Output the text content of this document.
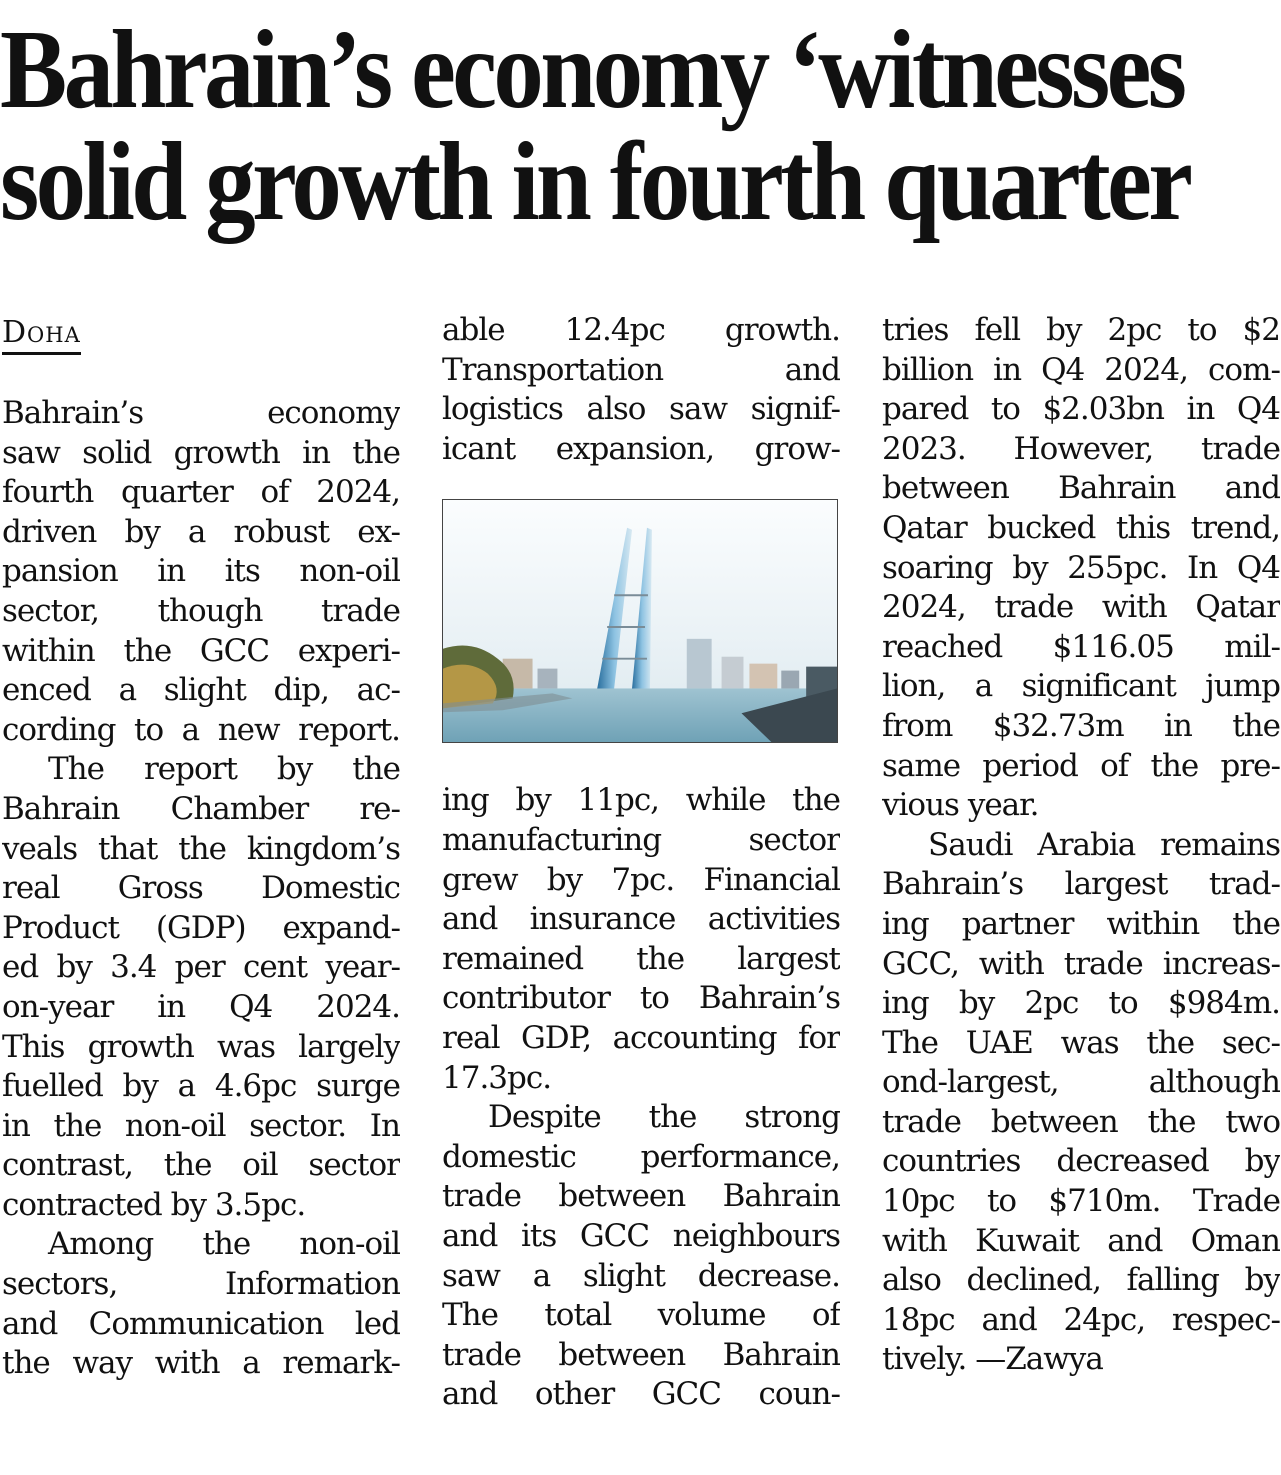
Bahrain’s economy ‘witnesses
solid growth in fourth quarter
Doha
Bahrain’s	economy
saw solid growth in the
fourth quarter of 2024,
driven by a robust ex-
pansion in its non-oil
sector, though trade
within the GCC experi-
enced a slight dip, ac-
cording to a new report.
The report by the
Bahrain Chamber re-
veals that the kingdom’s
real Gross Domestic
Product (GDP) expand-
ed by 3.4 per cent year-
on-year in Q4 2024.
This growth was largely
fuelled by a 4.6pc surge
in the non-oil sector. In
contrast, the oil sector
contracted by 3.5pc.
Among the non-oil
sectors,	Information
and Communication led
the way with a remark-
able 12.4pc growth.
Transportation	and
logistics also saw signif-
icant expansion, grow-
ing by 11pc, while the
manufacturing	sector
grew by 7pc. Financial
and insurance activities
remained the largest
contributor to Bahrain’s
real GDP, accounting for
17.3pc.
Despite the strong
domestic performance,
trade between Bahrain
and its GCC neighbours
saw a slight decrease.
The total volume of
trade between Bahrain
and other GCC coun-
tries fell by 2pc to $2
billion in Q4 2024, com-
pared to $2.03bn in Q4
2023. However, trade
between Bahrain and
Qatar bucked this trend,
soaring by 255pc. In Q4
2024, trade with Qatar
reached $116.05 mil-
lion, a significant jump
from $32.73m in the
same period of the pre-
vious year.
Saudi Arabia remains
Bahrain’s largest trad-
ing partner within the
GCC, with trade increas-
ing by 2pc to $984m.
The UAE was the sec-
ond-largest,	although
trade between the two
countries decreased by
10pc to $710m. Trade
with Kuwait and Oman
also declined, falling by
18pc and 24pc, respec-
tively. —Zawya
